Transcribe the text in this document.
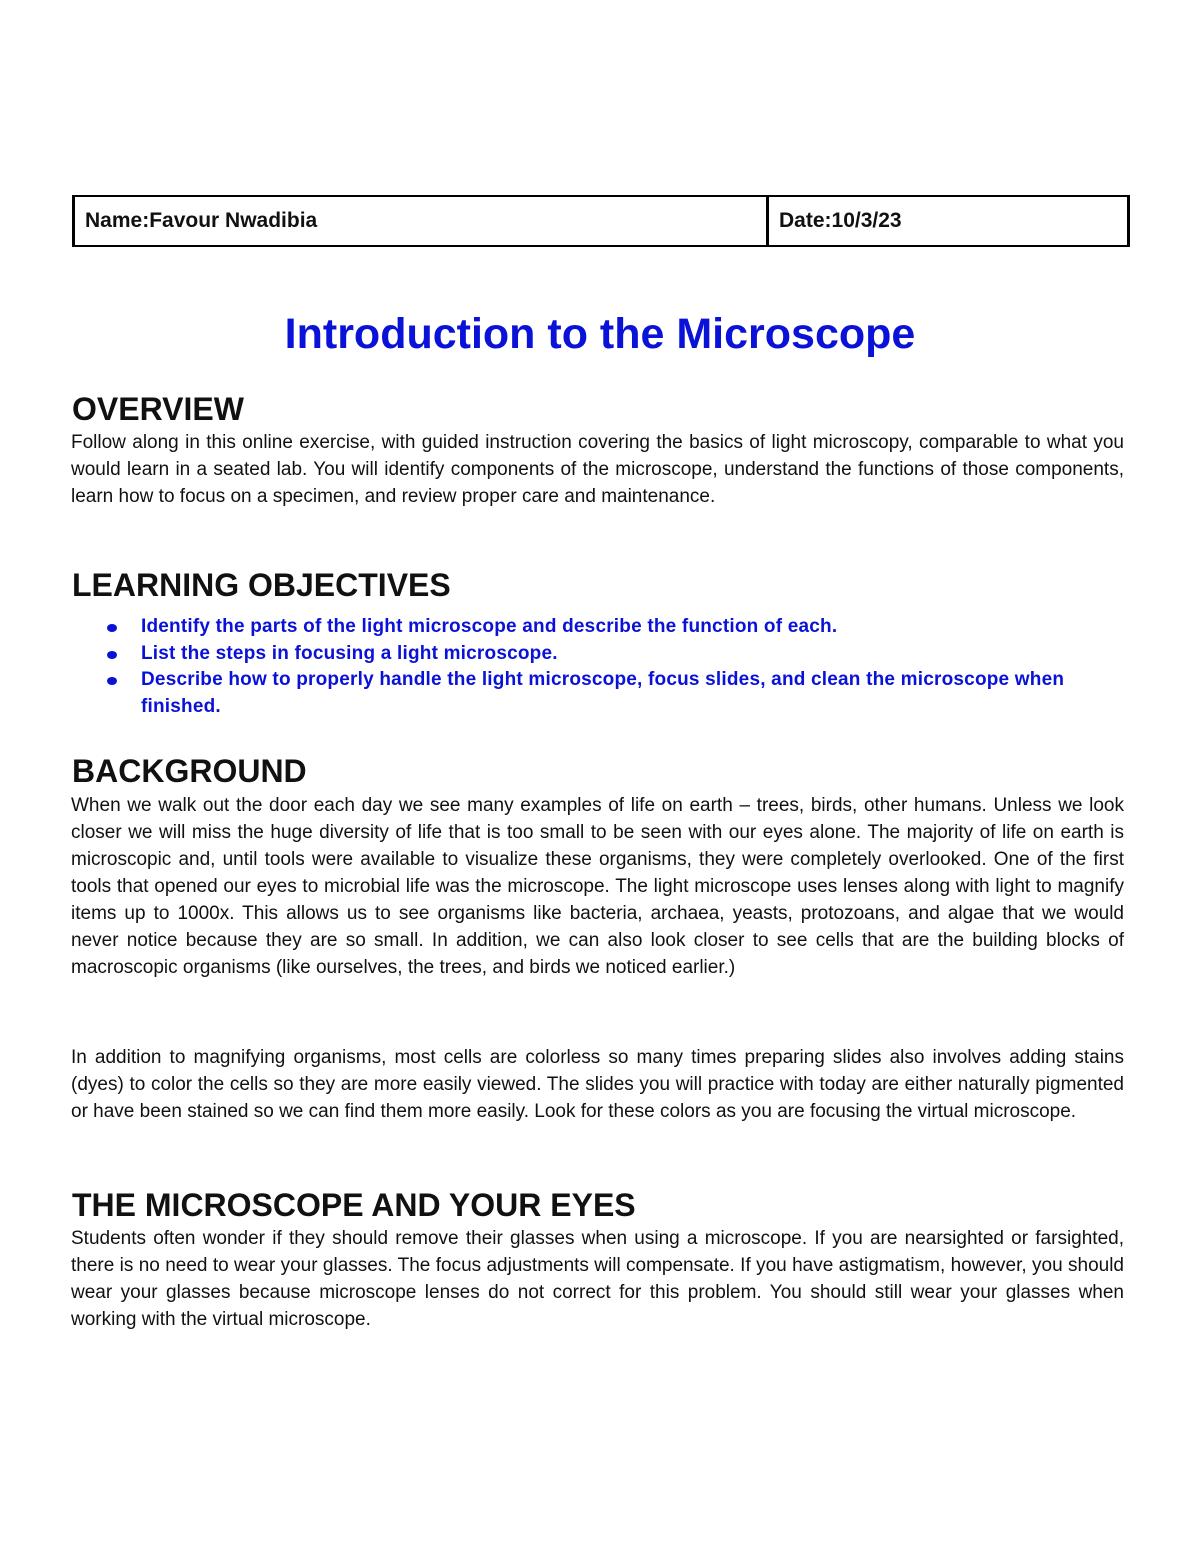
Name:Favour Nwadibia	Date:10/3/23
Introduction to the Microscope
OVERVIEW

Follow along in this online exercise, with guided instruction covering the basics of light microscopy, comparable to what you would learn in a seated lab. You will identify components of the microscope, understand the functions of those components, learn how to focus on a specimen, and review proper care and maintenance.

LEARNING OBJECTIVES
Identify the parts of the light microscope and describe the function of each.
List the steps in focusing a light microscope.
Describe how to properly handle the light microscope, focus slides, and clean the microscope when finished.
BACKGROUND

When we walk out the door each day we see many examples of life on earth – trees, birds, other humans. Unless we look closer we will miss the huge diversity of life that is too small to be seen with our eyes alone. The majority of life on earth is microscopic and, until tools were available to visualize these organisms, they were completely overlooked. One of the first tools that opened our eyes to microbial life was the microscope. The light microscope uses lenses along with light to magnify items up to 1000x. This allows us to see organisms like bacteria, archaea, yeasts, protozoans, and algae that we would never notice because they are so small. In addition, we can also look closer to see cells that are the building blocks of macroscopic organisms (like ourselves, the trees, and birds we noticed earlier.)

In addition to magnifying organisms, most cells are colorless so many times preparing slides also involves adding stains (dyes) to color the cells so they are more easily viewed. The slides you will practice with today are either naturally pigmented or have been stained so we can find them more easily. Look for these colors as you are focusing the virtual microscope.

THE MICROSCOPE AND YOUR EYES

Students often wonder if they should remove their glasses when using a microscope. If you are nearsighted or farsighted, there is no need to wear your glasses. The focus adjustments will compensate. If you have astigmatism, however, you should wear your glasses because microscope lenses do not correct for this problem. You should still wear your glasses when working with the virtual microscope.
